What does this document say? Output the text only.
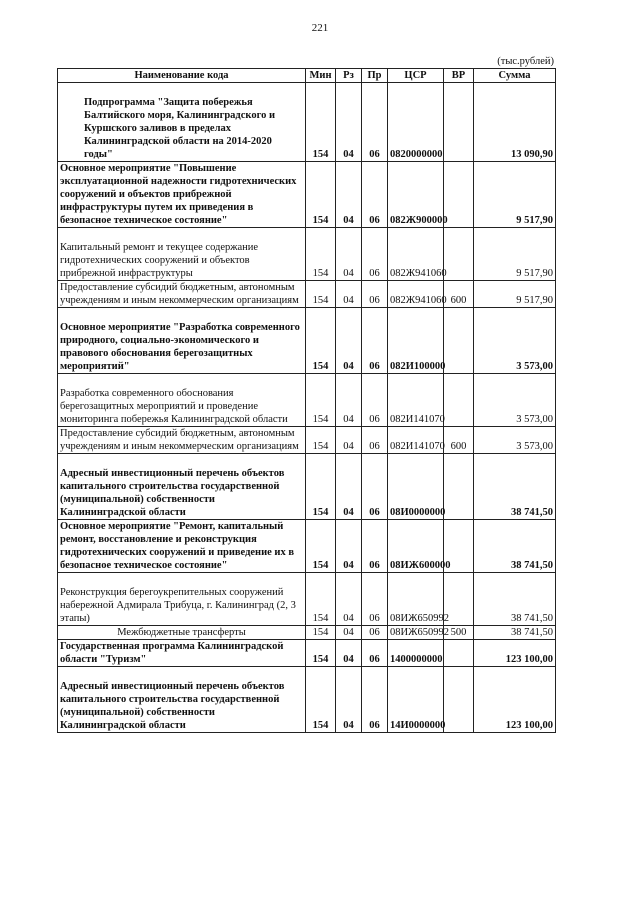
221
(тыс.рублей)
Наименование кода	Мин	Рз	Пр	ЦСР	ВР	Сумма

Подпрограмма "Защита побережья Балтийского моря, Калининградского и Куршского заливов в пределах Калининградской области на 2014-2020 годы"	154	04	06	0820000000		13 090,90

Основное мероприятие "Повышение эксплуатационной надежности гидротехнических сооружений и объектов прибрежной инфраструктуры путем их приведения в безопасное техническое состояние"	154	04	06	082Ж900000		9 517,90

Капитальный ремонт и текущее содержание гидротехнических сооружений и объектов прибрежной инфраструктуры	154	04	06	082Ж941060		9 517,90

Предоставление субсидий бюджетным, автономным учреждениям и иным некоммерческим организациям	154	04	06	082Ж941060	600	9 517,90

Основное мероприятие "Разработка современного природного, социально-экономического и правового обоснования берегозащитных мероприятий"	154	04	06	082И100000		3 573,00

Разработка современного обоснования берегозащитных мероприятий и проведение мониторинга побережья Калининградской области	154	04	06	082И141070		3 573,00

Предоставление субсидий бюджетным, автономным учреждениям и иным некоммерческим организациям	154	04	06	082И141070	600	3 573,00

Адресный инвестиционный перечень объектов капитального строительства государственной (муниципальной) собственности Калининградской области	154	04	06	08И0000000		38 741,50

Основное мероприятие "Ремонт, капитальный ремонт, восстановление и реконструкция гидротехнических сооружений и приведение их в безопасное техническое состояние"	154	04	06	08ИЖ600000		38 741,50

Реконструкция берегоукрепительных сооружений набережной Адмирала Трибуца, г. Калининград (2, 3 этапы)	154	04	06	08ИЖ650992		38 741,50
Межбюджетные трансферты	154	04	06	08ИЖ650992	500	38 741,50

Государственная программа Калининградской области "Туризм"	154	04	06	1400000000		123 100,00

Адресный инвестиционный перечень объектов капитального строительства государственной (муниципальной) собственности Калининградской области	154	04	06	14И0000000		123 100,00
